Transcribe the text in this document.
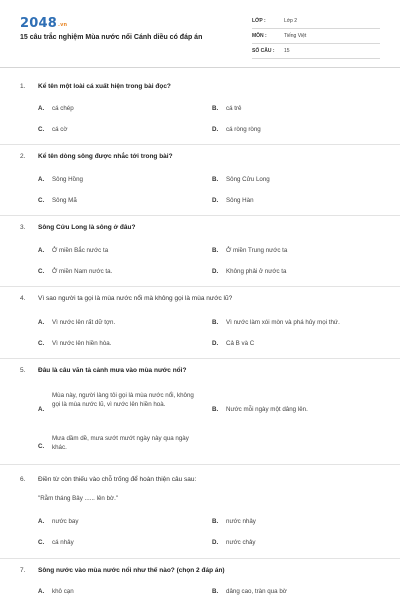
$2048^{.vn}$
15 câu trắc nghiệm Mùa nước nổi Cánh diều có đáp án
LỚP :	Lớp 2
MÔN :	Tiếng Việt
SỐ CÂU : 15
1. Kể tên một loài cá xuất hiện trong bài đọc?
A. cá chép	B. cá trê
C. cá cờ	D. cá ròng ròng
2. Kể tên dòng sông được nhắc tới trong bài?
A. Sông Hồng	B. Sông Cửu Long
C. Sông Mã	D. Sông Hàn
3. Sông Cửu Long là sông ở đâu?
A. Ở miền Bắc nước ta	B. Ở miền Trung nước ta
C. Ở miền Nam nước ta.	D. Không phải ở nước ta
4. Vì sao người ta gọi là mùa nước nổi mà không gọi là mùa nước lũ?
A. Vì nước lên rất dữ tợn.	B. Vì nước làm xói mòn và phá hủy mọi thứ.
C. Vì nước lên hiền hòa.	D. Cả B và C
5. Đâu là câu văn tả cảnh mưa vào mùa nước nổi?
A.
Mùa này, người làng tôi gọi là mùa nước nổi, không gọi là mùa nước lũ, vì nước lên hiền hoà.
B. Nước mỗi ngày một dâng lên.
C.
Mưa dầm dề, mưa sướt mướt ngày này qua ngày khác.
6. Điền từ còn thiếu vào chỗ trống để hoàn thiện câu sau:
"Rằm tháng Bảy ...... lên bờ."
A. nước bay	B. nước nhảy
C. cá nhảy	D. nước chảy
7. Sông nước vào mùa nước nổi như thế nào? (chọn 2 đáp án)
A. khô cạn	B. dâng cao, tràn qua bờ
